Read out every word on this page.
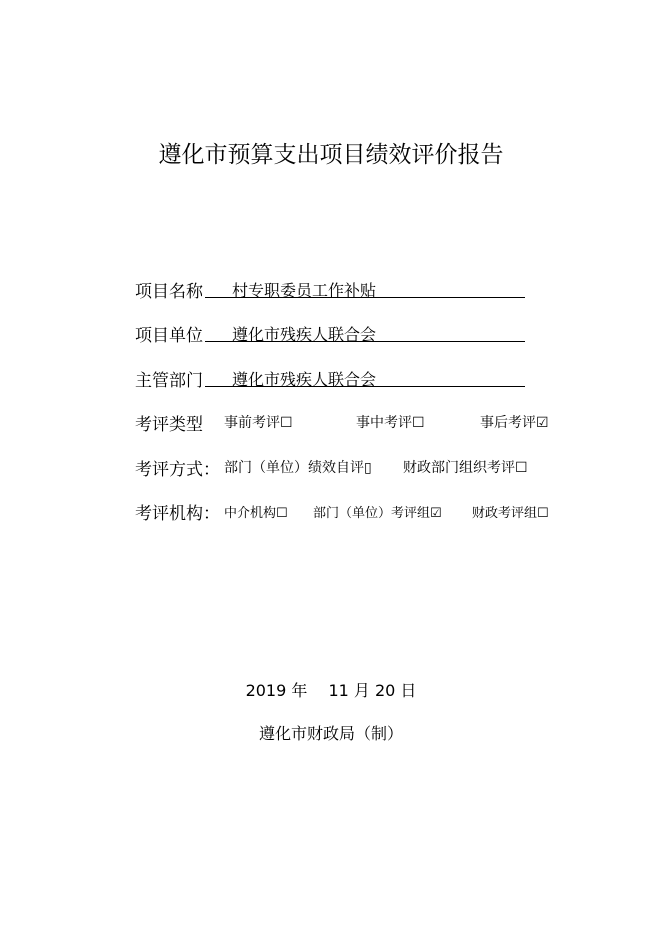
遵化市预算支出项目绩效评价报告
项目名称 村专职委员工作补贴
项目单位 遵化市残疾人联合会
主管部门 遵化市残疾人联合会
考评类型 事前考评☐	事中考评☐	事后考评☑
考评方式： 部门（单位）绩效自评▯ 财政部门组织考评☐
考评机构： 中介机构☐ 部门（单位）考评组☑ 财政考评组☐
2019 年　 11 月 20 日
遵化市财政局（制）
